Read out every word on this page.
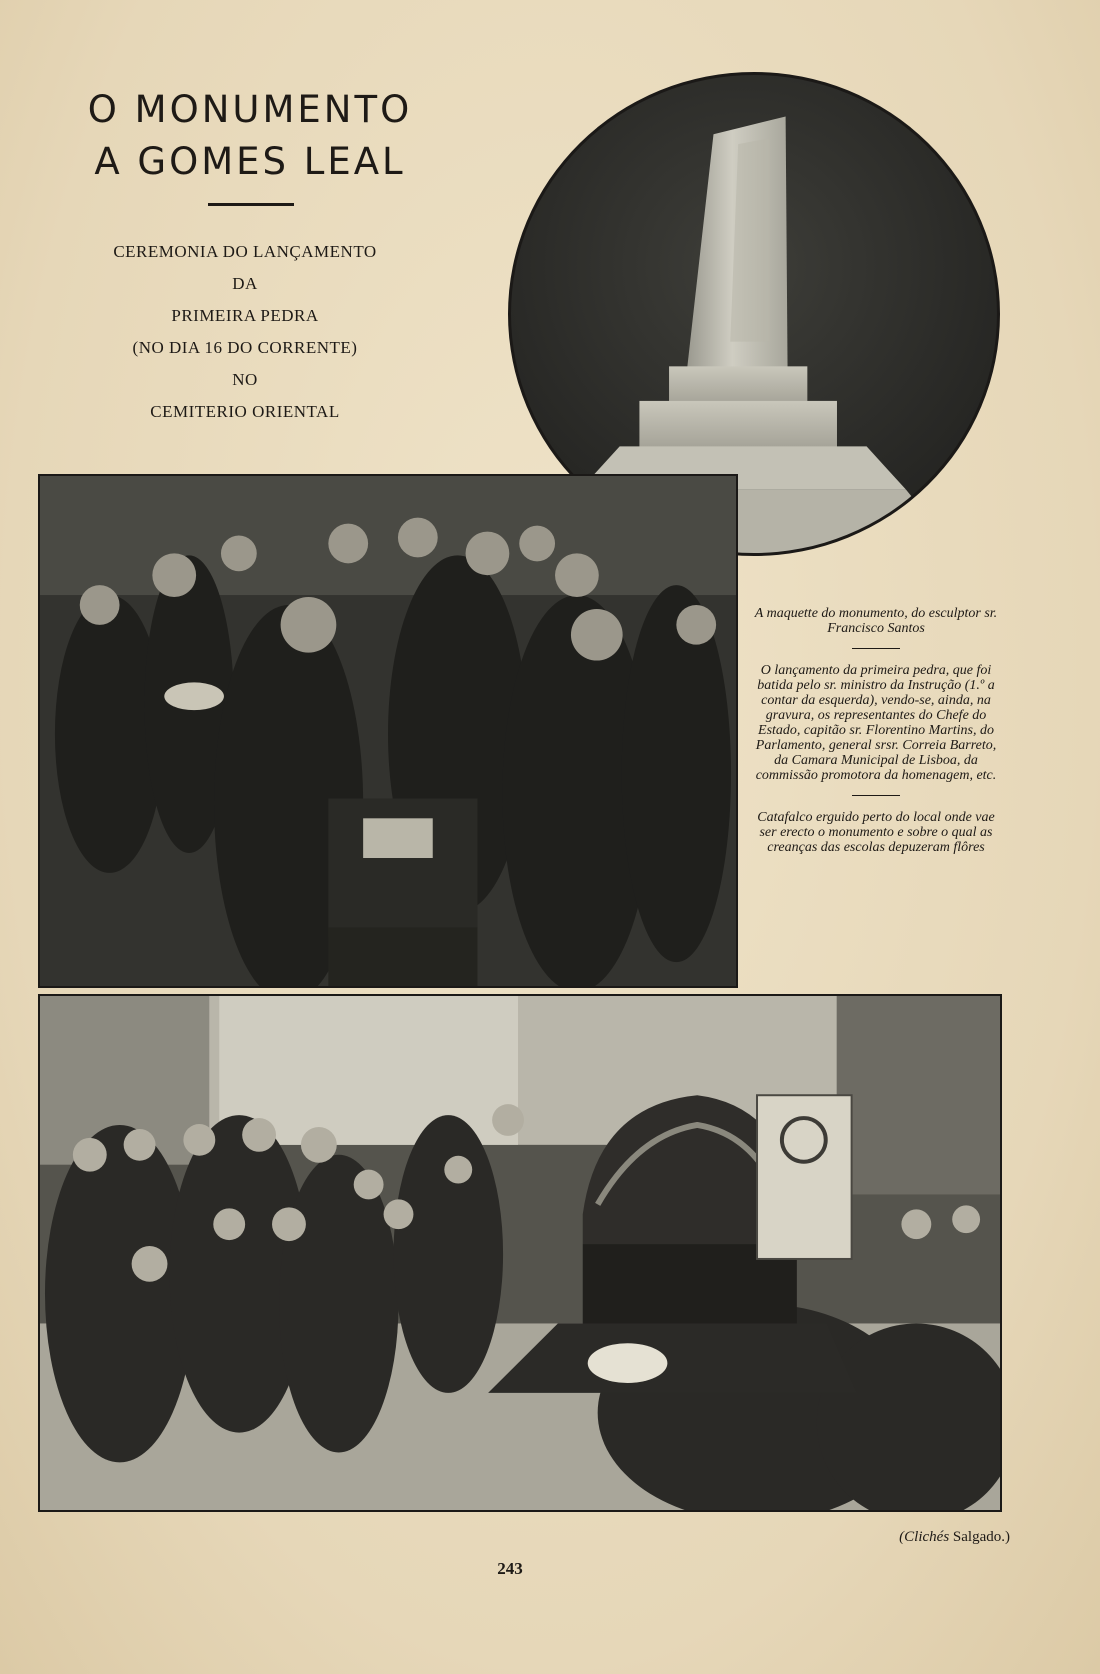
O MONUMENTO
A GOMES LEAL
CEREMONIA DO LANÇAMENTO
DA
PRIMEIRA PEDRA
(NO DIA 16 DO CORRENTE)
NO
CEMITERIO ORIENTAL

A maquette do monumento, do esculptor sr. Francisco Santos

O lançamento da primeira pedra, que foi batida pelo sr. ministro da Instrução (1.º a contar da esquerda), vendo-se, ainda, na gravura, os representantes do Chefe do Estado, capitão sr. Florentino Martins, do Parlamento, general srsr. Correia Barreto, da Camara Municipal de Lisboa, da commissão promotora da homenagem, etc.

Catafalco erguido perto do local onde vae ser erecto o monumento e sobre o qual as creanças das escolas depuzeram flôres

(Clichés Salgado.)
243
